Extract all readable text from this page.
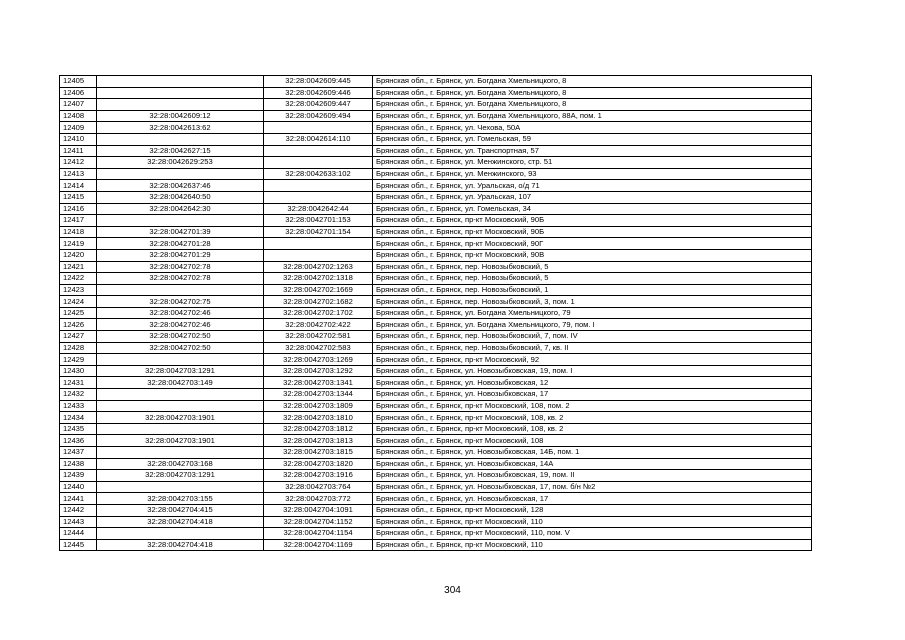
12405		32:28:0042609:445	Брянская обл., г. Брянск, ул. Богдана Хмельницкого, 8
12406		32:28:0042609:446	Брянская обл., г. Брянск, ул. Богдана Хмельницкого, 8
12407		32:28:0042609:447	Брянская обл., г. Брянск, ул. Богдана Хмельницкого, 8
12408	32:28:0042609:12	32:28:0042609:494	Брянская обл., г. Брянск, ул. Богдана Хмельницкого, 88А, пом. 1
12409	32:28:0042613:62		Брянская обл., г. Брянск, ул. Чехова, 50А
12410		32:28:0042614:110	Брянская обл., г. Брянск, ул. Гомельская, 59
12411	32:28:0042627:15		Брянская обл., г. Брянск, ул. Транспортная, 57
12412	32:28:0042629:253		Брянская обл., г. Брянск, ул. Менжинского, стр. 51
12413		32:28:0042633:102	Брянская обл., г. Брянск, ул. Менжинского, 93
12414	32:28:0042637:46		Брянская обл., г. Брянск, ул. Уральская, о/д 71
12415	32:28:0042640:50		Брянская обл., г. Брянск, ул. Уральская, 107
12416	32:28:0042642:30	32:28:0042642:44	Брянская обл., г. Брянск, ул. Гомельская, 34
12417		32:28:0042701:153	Брянская обл., г. Брянск, пр-кт Московский, 90Б
12418	32:28:0042701:39	32:28:0042701:154	Брянская обл., г. Брянск, пр-кт Московский, 90Б
12419	32:28:0042701:28		Брянская обл., г. Брянск, пр-кт Московский, 90Г
12420	32:28:0042701:29		Брянская обл., г. Брянск, пр-кт Московский, 90В
12421	32:28:0042702:78	32:28:0042702:1263	Брянская обл., г. Брянск, пер. Новозыбковский, 5
12422	32:28:0042702:78	32:28:0042702:1318	Брянская обл., г. Брянск, пер. Новозыбковский, 5
12423		32:28:0042702:1669	Брянская обл., г. Брянск, пер. Новозыбковский, 1
12424	32:28:0042702:75	32:28:0042702:1682	Брянская обл., г. Брянск, пер. Новозыбковский, 3, пом. 1
12425	32:28:0042702:46	32:28:0042702:1702	Брянская обл., г. Брянск, ул. Богдана Хмельницкого, 79
12426	32:28:0042702:46	32:28:0042702:422	Брянская обл., г. Брянск, ул. Богдана Хмельницкого, 79, пом. I
12427	32:28:0042702:50	32:28:0042702:581	Брянская обл., г. Брянск, пер. Новозыбковский, 7, пом. IV
12428	32:28:0042702:50	32:28:0042702:583	Брянская обл., г. Брянск, пер. Новозыбковский, 7, кв. II
12429		32:28:0042703:1269	Брянская обл., г. Брянск, пр-кт Московский, 92
12430	32:28:0042703:1291	32:28:0042703:1292	Брянская обл., г. Брянск, ул. Новозыбковская, 19, пом. I
12431	32:28:0042703:149	32:28:0042703:1341	Брянская обл., г. Брянск, ул. Новозыбковская, 12
12432		32:28:0042703:1344	Брянская обл., г. Брянск, ул. Новозыбковская, 17
12433		32:28:0042703:1809	Брянская обл., г. Брянск, пр-кт Московский, 108, пом. 2
12434	32:28:0042703:1901	32:28:0042703:1810	Брянская обл., г. Брянск, пр-кт Московский, 108, кв. 2
12435		32:28:0042703:1812	Брянская обл., г. Брянск, пр-кт Московский, 108, кв. 2
12436	32:28:0042703:1901	32:28:0042703:1813	Брянская обл., г. Брянск, пр-кт Московский, 108
12437		32:28:0042703:1815	Брянская обл., г. Брянск, ул. Новозыбковская, 14Б, пом. 1
12438	32:28:0042703:168	32:28:0042703:1820	Брянская обл., г. Брянск, ул. Новозыбковская, 14А
12439	32:28:0042703:1291	32:28:0042703:1916	Брянская обл., г. Брянск, ул. Новозыбковская, 19, пом. II
12440		32:28:0042703:764	Брянская обл., г. Брянск, ул. Новозыбковская, 17, пом. б/н №2
12441	32:28:0042703:155	32:28:0042703:772	Брянская обл., г. Брянск, ул. Новозыбковская, 17
12442	32:28:0042704:415	32:28:0042704:1091	Брянская обл., г. Брянск, пр-кт Московский, 128
12443	32:28:0042704:418	32:28:0042704:1152	Брянская обл., г. Брянск, пр-кт Московский, 110
12444		32:28:0042704:1154	Брянская обл., г. Брянск, пр-кт Московский, 110, пом. V
12445	32:28:0042704:418	32:28:0042704:1169	Брянская обл., г. Брянск, пр-кт Московский, 110
304
